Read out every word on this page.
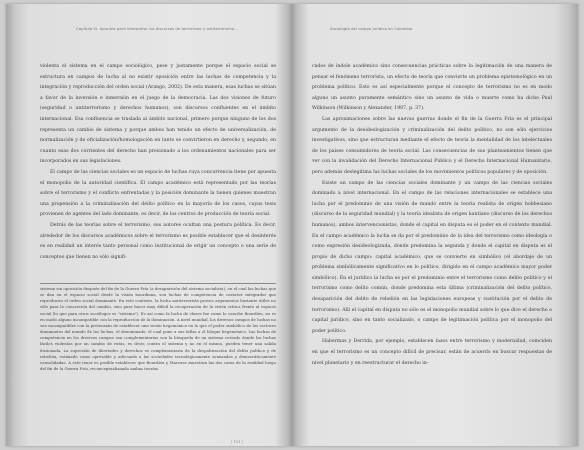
Capítulo VI. Apuntes para interpretar los discursos de terrorismo y antiterrorismo...

violenta el sistema en el campo sociológico, pese y justamente porque el espacio social se estructura en campos de lucha al no existir oposición entre las luchas de competencia y la integración y reproducción del orden social (Arango, 2002). De esta manera, esas luchas se sitúan a favor de la inversión e inmersión en el juego de la democracia. Las dos visiones de futuro (seguridad o antiterrorismo y derechos humanos), son discursos confluentes en el ámbito internacional. Esa confluencia se traslada al ámbito nacional, primero porque ninguno de los dos representa un cambio de sistema y porque ambos han tenido un efecto de universalización, de normalización y de oficialización/homologación en tanto se convirtieron en derecho y, segundo, en cuanto esas dos corrientes del derecho han presionado a los ordenamientos nacionales para ser incorporados en sus legislaciones.

El campo de las ciencias sociales es un espacio de luchas cuya concurrencia tiene por apuesta el monopolio de la autoridad científica. El campo académico está representado por las teorías sobre el terrorismo y el conflicto enfrentadas y la posición dominante la tienen quienes muestran una propensión a la criminalización del delito político en la mayoría de los casos, cuyas tesis provienen de agentes del lado dominante, es decir, de los centros de producción de teoría social.

Detrás de las teorías sobre el terrorismo, sus autores ocultan una postura política. Es decir, alrededor de los discursos académicos sobre el terrorismo es posible establecer que el desinterés es en realidad un interés tanto personal como institucional de erigir un concepto o una serie de conceptos que tienen no sólo signifi-

sistema sin oposición después del fin de la Guerra Fría (a desaparición del sistema socialista), en el cual las luchas que se dan en el espacio social desde la visión bourdiana, son luchas de competencia de carácter integrador que reproducen el orden social dominante. En este contexto, la lucha antiterrorista provee argumentos bastante útiles no sólo para la concreción del cambio, sino para hacer muy difícil la recuperación de la visión crítica frente al espacio social (lo que para otros sociólogos es "sistema"). Es así como la lucha de clases fue como lo concibe Bourdieu, no es en modo alguno incompatible con la reproducción de la dominación. A nivel mundial, los diversos campos de luchas no son incompatibles con la pretensión de establecer una visión hegemónica en la que el poder simbólico de los sectores dominantes del mundo de las luchas, el denominado, el cual pone a sus fallas a el bloque hegemónico. Las luchas de competencia en los diversos campos son complementarias con la búsqueda de un sistema cerrado donde las luchas fáciles violentas por un cambio de rutas, es decir, contra el sistema y no en el mismo, pueden tener una salida ilusionada. La supresión de libertades y derechos es complementaria de la despolitización del delito político y de rebelión, estimado como opresable y adecuado a las sociedades tecnológicamente avanzadas y democráticamente consolidadas. A este tenor es posible establecer que Bourdieu y Marcuse muestran las dos caras de la realidad luego del fin de la Guerra Fría, reconceptualizando ambas teorías.

| 151 |
Sociología del campo jurídico en Colombia

cados de índole académico sino consecuencias prácticas sobre la legitimación de una manera de pensar el fenómeno terrorista, un efecto de teoría que convierte un problema epistemológico en un problema político. Esto es así especialmente porque el concepto de terrorismo no es en modo alguno un asunto puramente semántico sino un asunto de vida o muerte como ha dicho Paul Wilkinson (Wilkinson y Alexander, 1987, p. 37).

Las aproximaciones sobre las nuevas guerras donde el fin de la Guerra Fría es el principal argumento de la desideologización y criminalización del delito político, no son sólo ejercicios investigativos, sino que estructuran mediante el efecto de teoría la mentalidad de los intelectuales de los países consumidores de teoría social. Las consecuencias de sus planteamientos tienen que ver con la invalidación del Derecho Internacional Público y el Derecho Internacional Humanitario, pero además deslegitima las luchas sociales de los movimientos políticos populares y de oposición.

Existe un campo de las ciencias sociales dominante y un campo de las ciencias sociales dominado a nivel internacional. En el campo de las relaciones internacionales se establece una lucha por el predominio de una visión de mundo entre la teoría realista de origen hobbesiano (discurso de la seguridad mundial) y la teoría idealista de origen kantiano (discurso de los derechos humanos), ambos intervencionistas, donde el capital en disputa es el poder en el contexto mundial. En el campo académico la lucha se da por el predominio de la idea del terrorismo como ideología o como expresión desideologizada, donde predomina la segunda y donde el capital en disputa es el propio de dicho campo: capital académico, que se convierte en simbólico (el abordaje de un problema simbólicamente significativo en lo político, dirigido en el campo académico mayor poder simbólico). En el jurídico la lucha es por el predominio entre el terrorismo como delito político y el terrorismo como delito común, donde predomina esta última (criminalización del delito político, desaparición del delito de rebelión en las legislaciones europeas y sustitución por el delito de terrorismo). Allí el capital en disputa no sólo es el monopolio mundial sobre lo que dice el derecho o capital jurídico, sino en tanto socializado, o campo de legitimación política por el monopolio del poder político.

Habermas y Derrida, por ejemplo, establecen lazos entre terrorismo y modernidad, coinciden en que el terrorismo es un concepto difícil de precisar, están de acuerdo en buscar respuestas de nivel planetario y en reestructurar el derecho in-
